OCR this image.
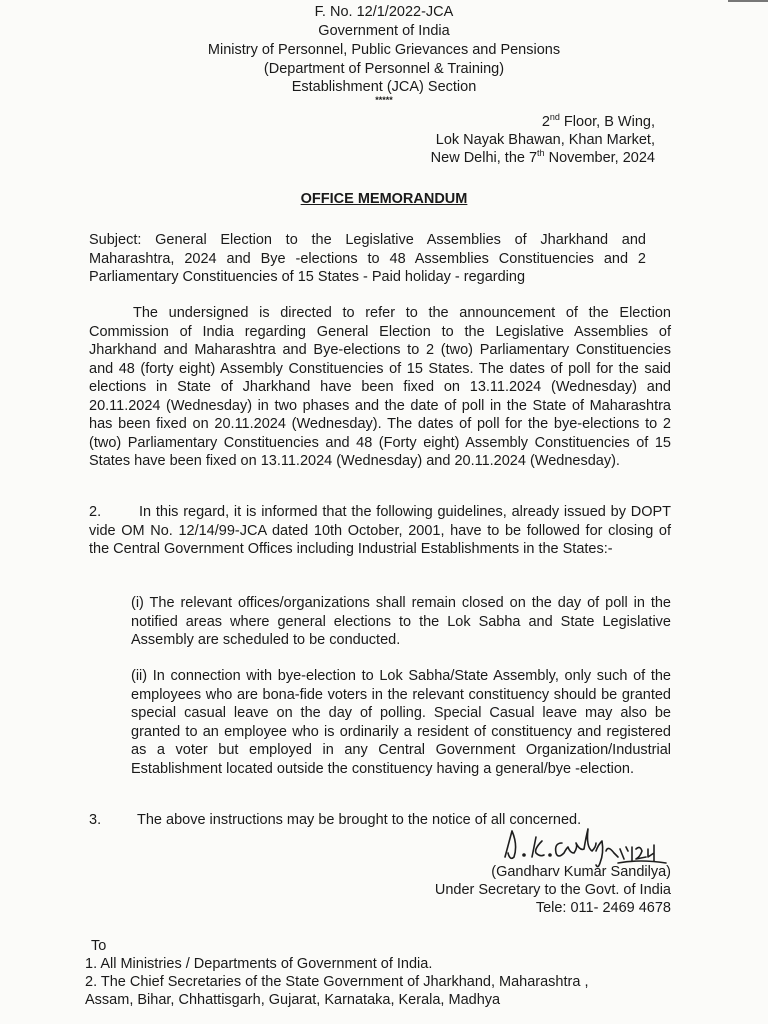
F. No. 12/1/2022-JCA
Government of India
Ministry of Personnel, Public Grievances and Pensions
(Department of Personnel & Training)
Establishment (JCA) Section
*****
2nd Floor, B Wing,
Lok Nayak Bhawan, Khan Market,
New Delhi, the 7th November, 2024
OFFICE MEMORANDUM
Subject: General Election to the Legislative Assemblies of Jharkhand and Maharashtra, 2024 and Bye -elections to 48 Assemblies Constituencies and 2 Parliamentary Constituencies of 15 States - Paid holiday - regarding
The undersigned is directed to refer to the announcement of the Election Commission of India regarding General Election to the Legislative Assemblies of Jharkhand and Maharashtra and Bye-elections to 2 (two) Parliamentary Constituencies and 48 (forty eight) Assembly Constituencies of 15 States. The dates of poll for the said elections in State of Jharkhand have been fixed on 13.11.2024 (Wednesday) and 20.11.2024 (Wednesday) in two phases and the date of poll in the State of Maharashtra has been fixed on 20.11.2024 (Wednesday). The dates of poll for the bye-elections to 2 (two) Parliamentary Constituencies and 48 (Forty eight) Assembly Constituencies of 15 States have been fixed on 13.11.2024 (Wednesday) and 20.11.2024 (Wednesday).
2.	In this regard, it is informed that the following guidelines, already issued by DOPT vide OM No. 12/14/99-JCA dated 10th October, 2001, have to be followed for closing of the Central Government Offices including Industrial Establishments in the States:-
(i) The relevant offices/organizations shall remain closed on the day of poll in the notified areas where general elections to the Lok Sabha and State Legislative Assembly are scheduled to be conducted.
(ii) In connection with bye-election to Lok Sabha/State Assembly, only such of the employees who are bona-fide voters in the relevant constituency should be granted special casual leave on the day of polling. Special Casual leave may also be granted to an employee who is ordinarily a resident of constituency and registered as a voter but employed in any Central Government Organization/Industrial Establishment located outside the constituency having a general/bye -election.
3. The above instructions may be brought to the notice of all concerned.
(Gandharv Kumar Sandilya)
Under Secretary to the Govt. of India
Tele: 011- 2469 4678
To
1. All Ministries / Departments of Government of India.
2. The Chief Secretaries of the State Government of Jharkhand, Maharashtra ,
Assam, Bihar, Chhattisgarh, Gujarat, Karnataka, Kerala, Madhya
